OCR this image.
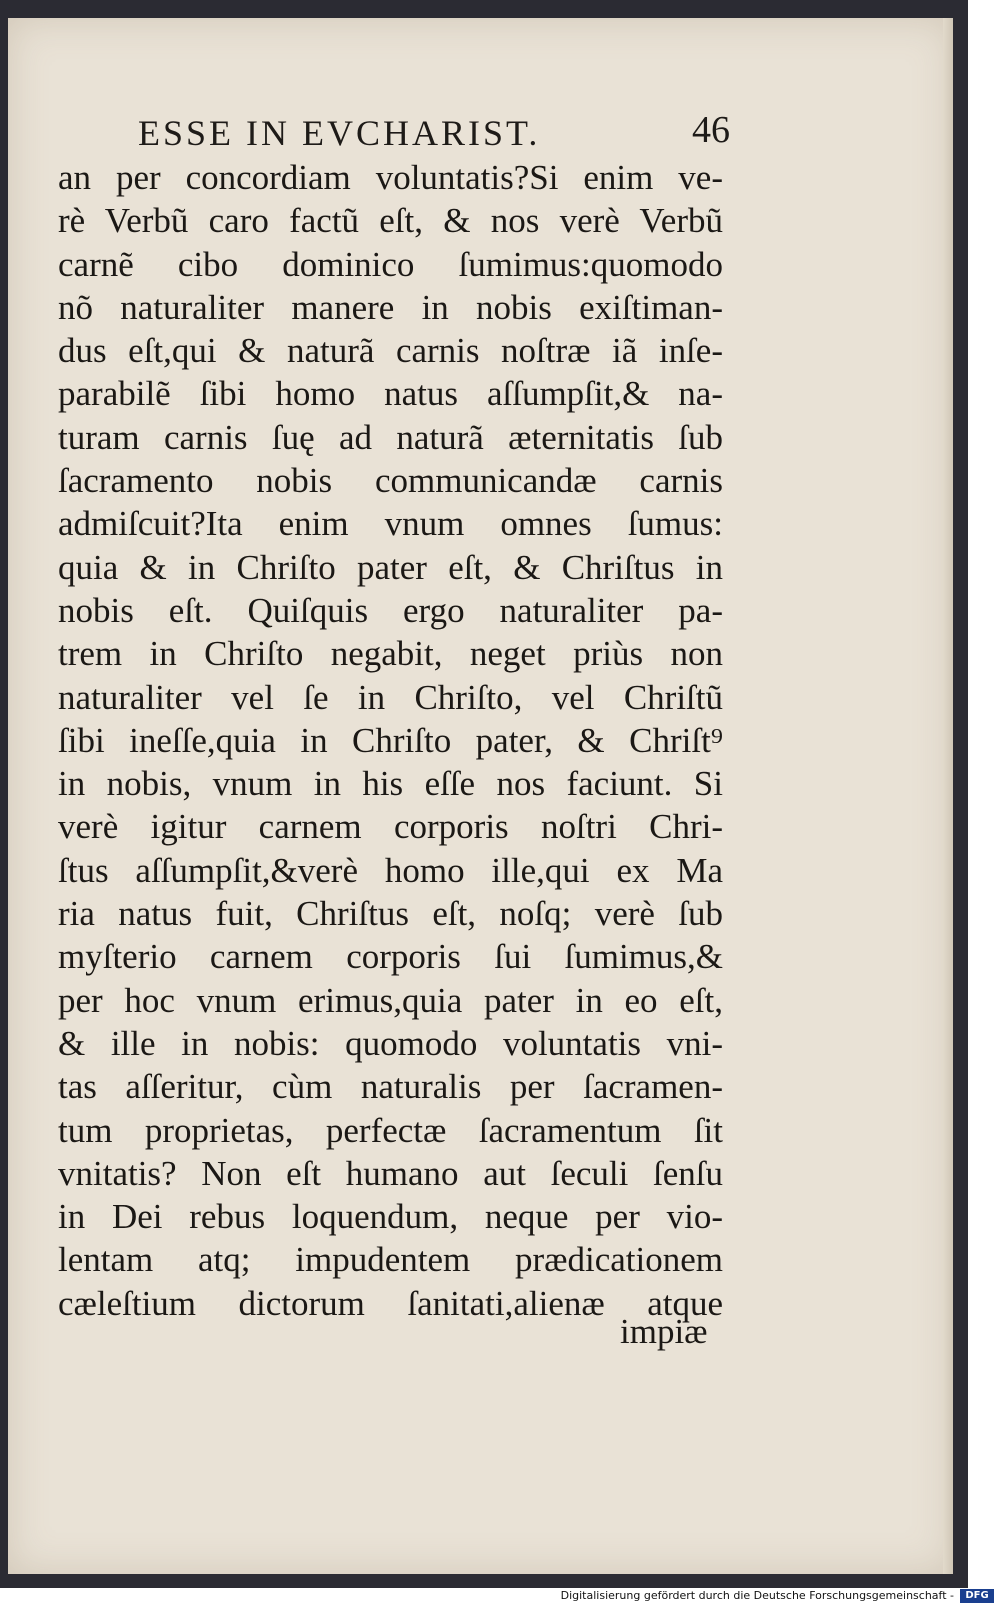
ESSE IN EVCHARIST.	46
an per concordiam voluntatis?Si enim ve-
rè Verbũ caro factũ eſt, & nos verè Verbũ
carnẽ cibo dominico ſumimus:quomodo
nõ naturaliter manere in nobis exiſtiman-
dus eſt,qui & naturã carnis noſtræ iã inſe-
parabilẽ ſibi homo natus aſſumpſit,& na-
turam carnis ſuę ad naturã æternitatis ſub
ſacramento nobis communicandæ carnis
admiſcuit?Ita enim vnum omnes ſumus:
quia & in Chriſto pater eſt, & Chriſtus in
nobis eſt. Quiſquis ergo naturaliter pa-
trem in Chriſto negabit, neget priùs non
naturaliter vel ſe in Chriſto, vel Chriſtũ
ſibi ineſſe,quia in Chriſto pater, & Chriſt⁹
in nobis, vnum in his eſſe nos faciunt. Si
verè igitur carnem corporis noſtri Chri-
ſtus aſſumpſit,&verè homo ille,qui ex Ma
ria natus fuit, Chriſtus eſt, noſq; verè ſub
myſterio carnem corporis ſui ſumimus,&
per hoc vnum erimus,quia pater in eo eſt,
& ille in nobis: quomodo voluntatis vni-
tas aſſeritur, cùm naturalis per ſacramen-
tum proprietas, perfectæ ſacramentum ſit
vnitatis? Non eſt humano aut ſeculi ſenſu
in Dei rebus loquendum, neque per vio-
lentam atq; impudentem prædicationem
cæleſtium dictorum ſanitati,alienæ atque
impiæ
Digitalisierung gefördert durch die Deutsche Forschungsgemeinschaft -	DFG
